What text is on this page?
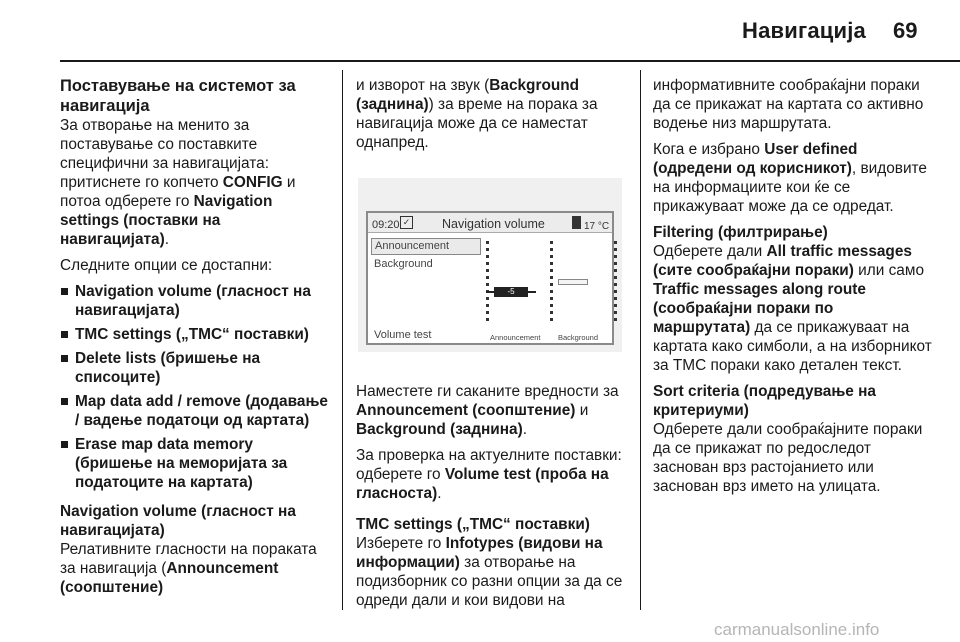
Навигација 69
Поставување на системот за навигација

За отворање на менито за поставување со поставките специфични за навигацијата: притиснете го копчето CONFIG и потоа одберете го Navigation settings (поставки на навигацијата).

Следните опции се достапни:

Navigation volume (гласност на навигацијата)
TMC settings („TMC“ поставки)
Delete lists (бришење на списоците)
Map data add / remove (додавање / вадење податоци од картата)
Erase map data memory (бришење на меморијата за податоците на картата)
Navigation volume (гласност на навигацијата)

Релативните гласности на пораката за навигација (Announcement (соопштение)

и изворот на звук (Background (заднина)) за време на порака за навигација може да се наместат однапред.

09:20 ✓	Navigation volume	17 °C
Announcement
Background
Volume test
-5
Announcement Background

Наместете ги саканите вредности за Announcement (соопштение) и Background (заднина).

За проверка на актуелните поставки: одберете го Volume test (проба на гласноста).

TMC settings („TMC“ поставки)

Изберете го Infotypes (видови на информации) за отворање на подизборник со разни опции за да се одреди дали и кои видови на

информативните сообраќајни пораки да се прикажат на картата со активно водење низ маршрутата.

Кога е избрано User defined (одредени од корисникот), видовите на информациите кои ќе се прикажуваат може да се одредат.

Filtering (филтрирање)

Одберете дали All traffic messages (сите сообраќајни пораки) или само Traffic messages along route (сообраќајни пораки по маршрутата) да се прикажуваат на картата како симболи, а на изборникот за TMC пораки како детален текст.

Sort criteria (подредување на критериуми)

Одберете дали сообраќајните пораки да се прикажат по редоследот заснован врз растојанието или заснован врз името на улицата.

carmanualsonline.info
